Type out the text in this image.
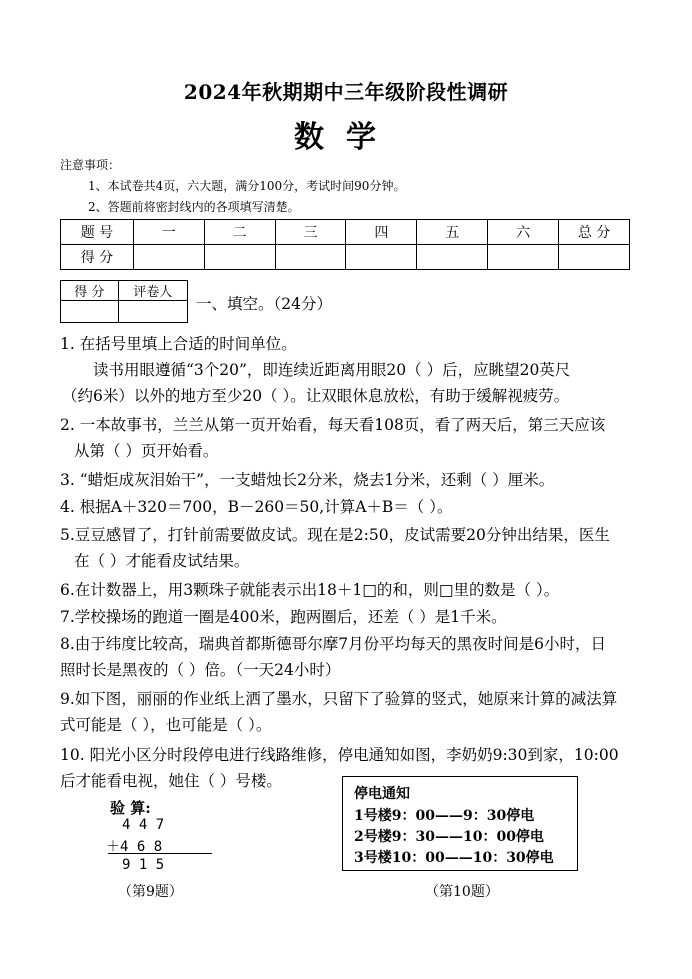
2024年秋期期中三年级阶段性调研
数学
注意事项：
1、本试卷共4页，六大题，满分100分，考试时间90分钟。
2、答题前将密封线内的各项填写清楚。
题 号	一	二	三	四	五	六	总 分
得 分							
得 分	评卷人

一、填空。（24分）
1. 在括号里填上合适的时间单位。
读书用眼遵循“3个20”，即连续近距离用眼20（ ）后，应眺望20英尺
（约6米）以外的地方至少20（ ）。让双眼休息放松，有助于缓解视疲劳。
2. 一本故事书，兰兰从第一页开始看，每天看108页，看了两天后，第三天应该
从第（ ）页开始看。
3. “蜡炬成灰泪始干”，一支蜡烛长2分米，烧去1分米，还剩（ ）厘米。
4. 根据A＋320＝700，B－260＝50,计算A＋B＝（ ）。
5.豆豆感冒了，打针前需要做皮试。现在是2:50，皮试需要20分钟出结果，医生
在（ ）才能看皮试结果。
6.在计数器上，用3颗珠子就能表示出18＋1□的和，则□里的数是（ ）。
7.学校操场的跑道一圈是400米，跑两圈后，还差（ ）是1千米。
8.由于纬度比较高，瑞典首都斯德哥尔摩7月份平均每天的黑夜时间是6小时，日
照时长是黑夜的（ ）倍。（一天24小时）
9.如下图，丽丽的作业纸上洒了墨水，只留下了验算的竖式，她原来计算的减法算
式可能是（ ），也可能是（ ）。
10. 阳光小区分时段停电进行线路维修，停电通知如图，李奶奶9:30到家，10:00
后才能看电视，她住（ ）号楼。
验 算:
4 4 7
＋4 6 8
9 1 5
（第9题）
停电通知
1号楼9：00——9：30停电
2号楼9：30——10：00停电
3号楼10：00——10：30停电
（第10题）
